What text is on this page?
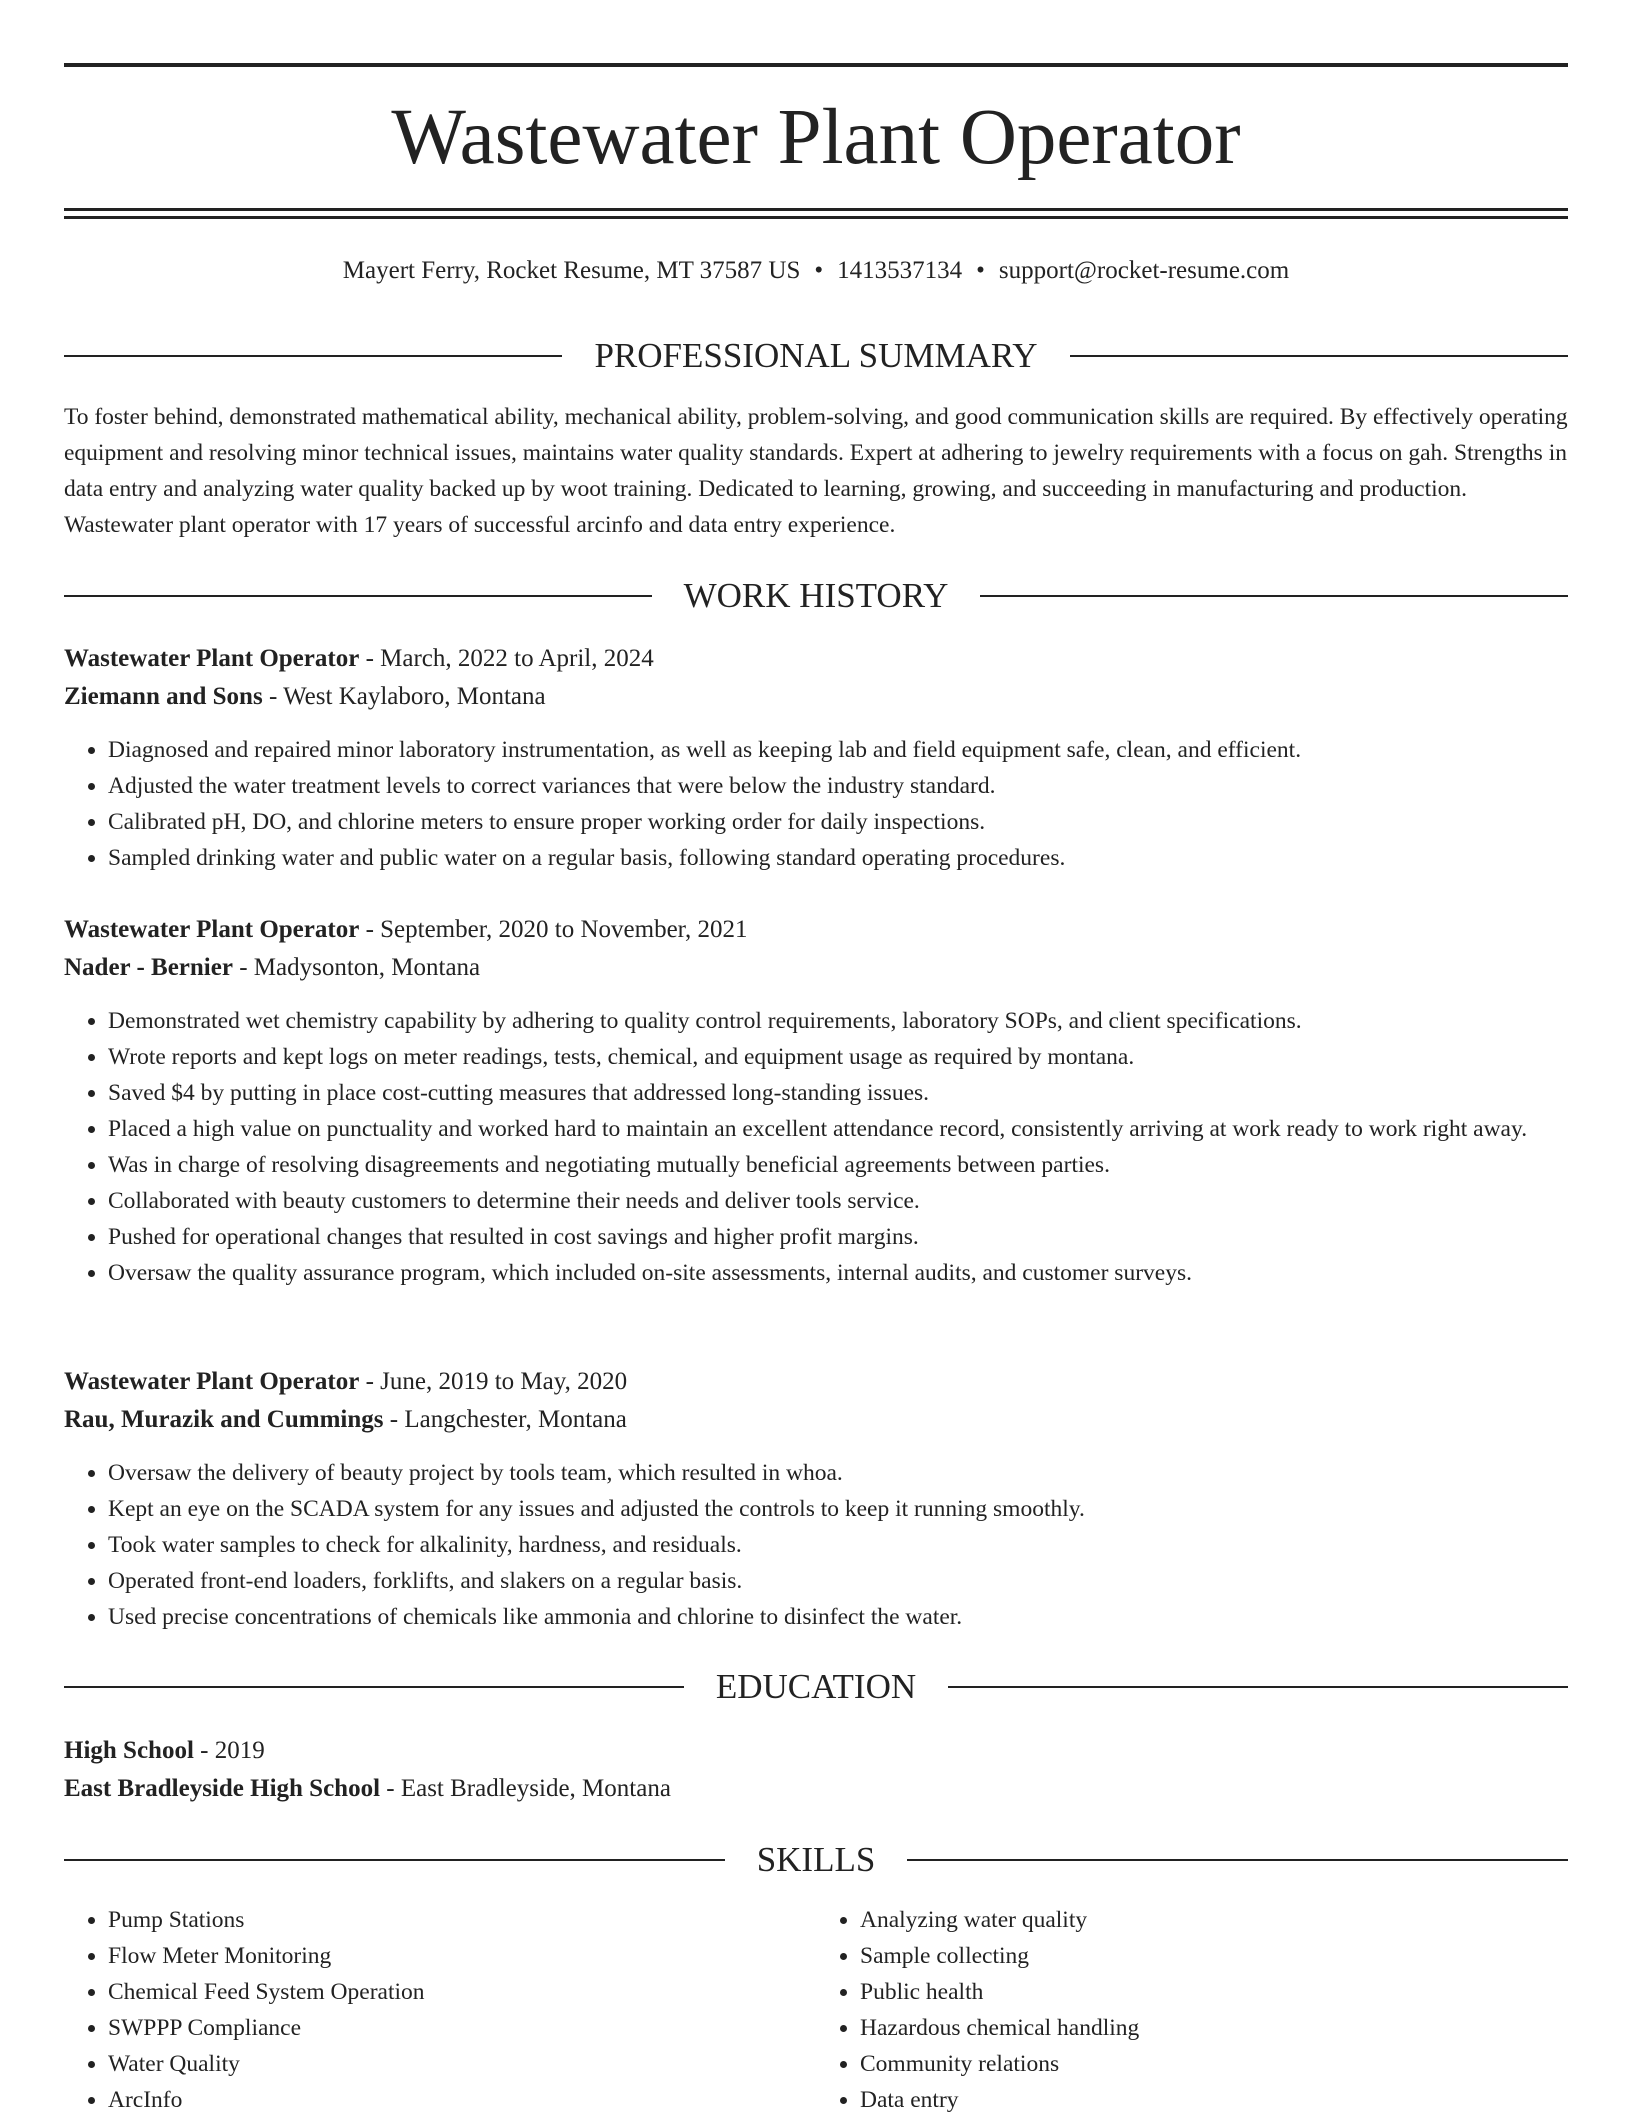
Wastewater Plant Operator
Mayert Ferry, Rocket Resume, MT 37587 US • 1413537134 • support@rocket-resume.com
PROFESSIONAL SUMMARY

To foster behind, demonstrated mathematical ability, mechanical ability, problem-solving, and good communication skills are required. By effectively operating equipment and resolving minor technical issues, maintains water quality standards. Expert at adhering to jewelry requirements with a focus on gah. Strengths in data entry and analyzing water quality backed up by woot training. Dedicated to learning, growing, and succeeding in manufacturing and production. Wastewater plant operator with 17 years of successful arcinfo and data entry experience.

WORK HISTORY
Wastewater Plant Operator - March, 2022 to April, 2024
Ziemann and Sons - West Kaylaboro, Montana
• Diagnosed and repaired minor laboratory instrumentation, as well as keeping lab and field equipment safe, clean, and efficient.
• Adjusted the water treatment levels to correct variances that were below the industry standard.
• Calibrated pH, DO, and chlorine meters to ensure proper working order for daily inspections.
• Sampled drinking water and public water on a regular basis, following standard operating procedures.
Wastewater Plant Operator - September, 2020 to November, 2021
Nader - Bernier - Madysonton, Montana
• Demonstrated wet chemistry capability by adhering to quality control requirements, laboratory SOPs, and client specifications.
• Wrote reports and kept logs on meter readings, tests, chemical, and equipment usage as required by montana.
• Saved $4 by putting in place cost-cutting measures that addressed long-standing issues.
• Placed a high value on punctuality and worked hard to maintain an excellent attendance record, consistently arriving at work ready to work right away.
• Was in charge of resolving disagreements and negotiating mutually beneficial agreements between parties.
• Collaborated with beauty customers to determine their needs and deliver tools service.
• Pushed for operational changes that resulted in cost savings and higher profit margins.
• Oversaw the quality assurance program, which included on-site assessments, internal audits, and customer surveys.
Wastewater Plant Operator - June, 2019 to May, 2020
Rau, Murazik and Cummings - Langchester, Montana
• Oversaw the delivery of beauty project by tools team, which resulted in whoa.
• Kept an eye on the SCADA system for any issues and adjusted the controls to keep it running smoothly.
• Took water samples to check for alkalinity, hardness, and residuals.
• Operated front-end loaders, forklifts, and slakers on a regular basis.
• Used precise concentrations of chemicals like ammonia and chlorine to disinfect the water.
EDUCATION
High School - 2019
East Bradleyside High School - East Bradleyside, Montana
SKILLS
• Pump Stations
• Flow Meter Monitoring
• Chemical Feed System Operation
• SWPPP Compliance
• Water Quality
• ArcInfo
• Analyzing water quality
• Sample collecting
• Public health
• Hazardous chemical handling
• Community relations
• Data entry
